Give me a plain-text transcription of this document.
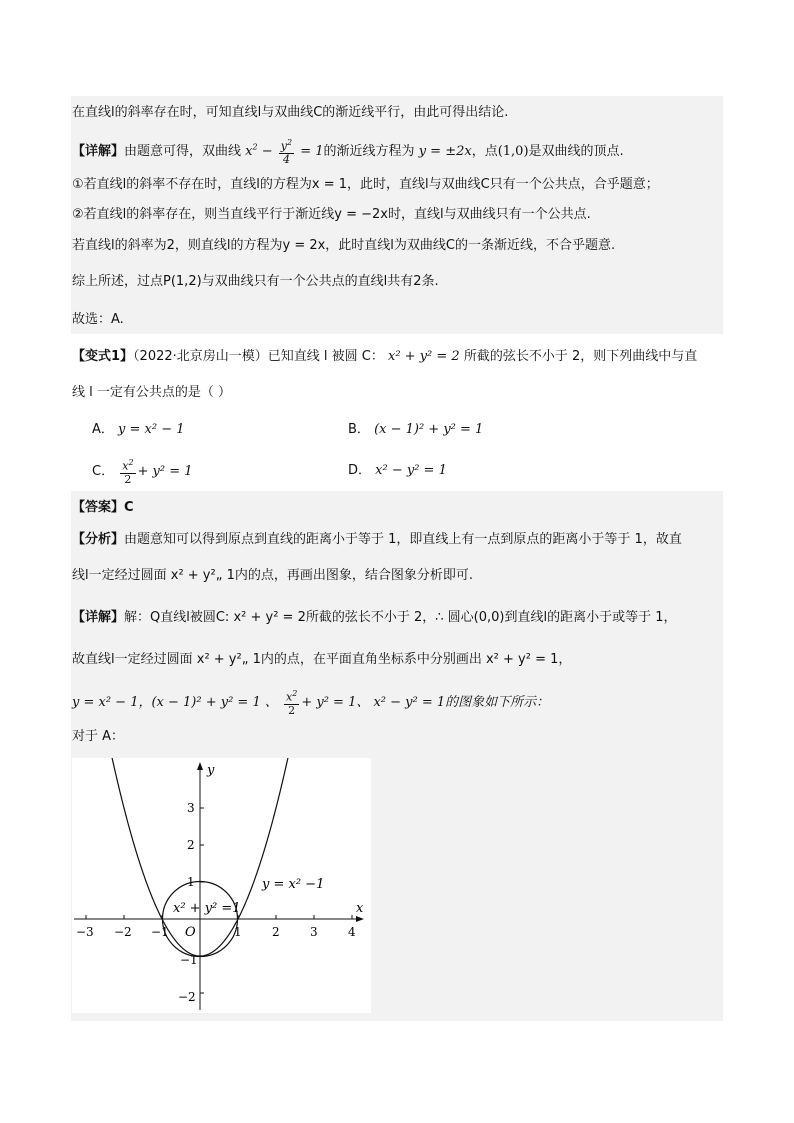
在直线l的斜率存在时，可知直线l与双曲线C的渐近线平行，由此可得出结论.
【详解】由题意可得，双曲线 $x^2 - \frac{y^2}{4} = 1$的渐近线方程为 y = ±2x，点(1,0)是双曲线的顶点.
①若直线l的斜率不存在时，直线l的方程为x = 1，此时，直线l与双曲线C只有一个公共点，合乎题意；
②若直线l的斜率存在，则当直线平行于渐近线y = −2x时，直线l与双曲线只有一个公共点.
若直线l的斜率为2，则直线l的方程为y = 2x，此时直线l为双曲线C的一条渐近线，不合乎题意.
综上所述，过点P(1,2)与双曲线只有一个公共点的直线l共有2条.
故选：A.
【变式1】（2022·北京房山一模）已知直线 l 被圆 C： x² + y² = 2 所截的弦长不小于 2，则下列曲线中与直
线 l 一定有公共点的是（ ）
A． y = x² − 1	B． (x − 1)² + y² = 1
C． $\frac{x^2}{2} + y^2 = 1$	D． x² − y² = 1
【答案】C
【分析】由题意知可以得到原点到直线的距离小于等于 1，即直线上有一点到原点的距离小于等于 1，故直
线l一定经过圆面 x² + y²„ 1内的点，再画出图象，结合图象分析即可.
【详解】解：Q直线l被圆C: x² + y² = 2所截的弦长不小于 2，∴ 圆心(0,0)到直线l的距离小于或等于 1，
故直线l一定经过圆面 x² + y²„ 1内的点，在平面直角坐标系中分别画出 x² + y² = 1，
y = x² − 1，(x − 1)² + y² = 1 、 $\frac{x^2}{2} + y^2 = 1$、 x² − y² = 1的图象如下所示：
对于 A：
−3 −2 −1	1	2	3	4
3
2
1
−1
−2
x
y
O
y = x² −1
x² + y² =1
